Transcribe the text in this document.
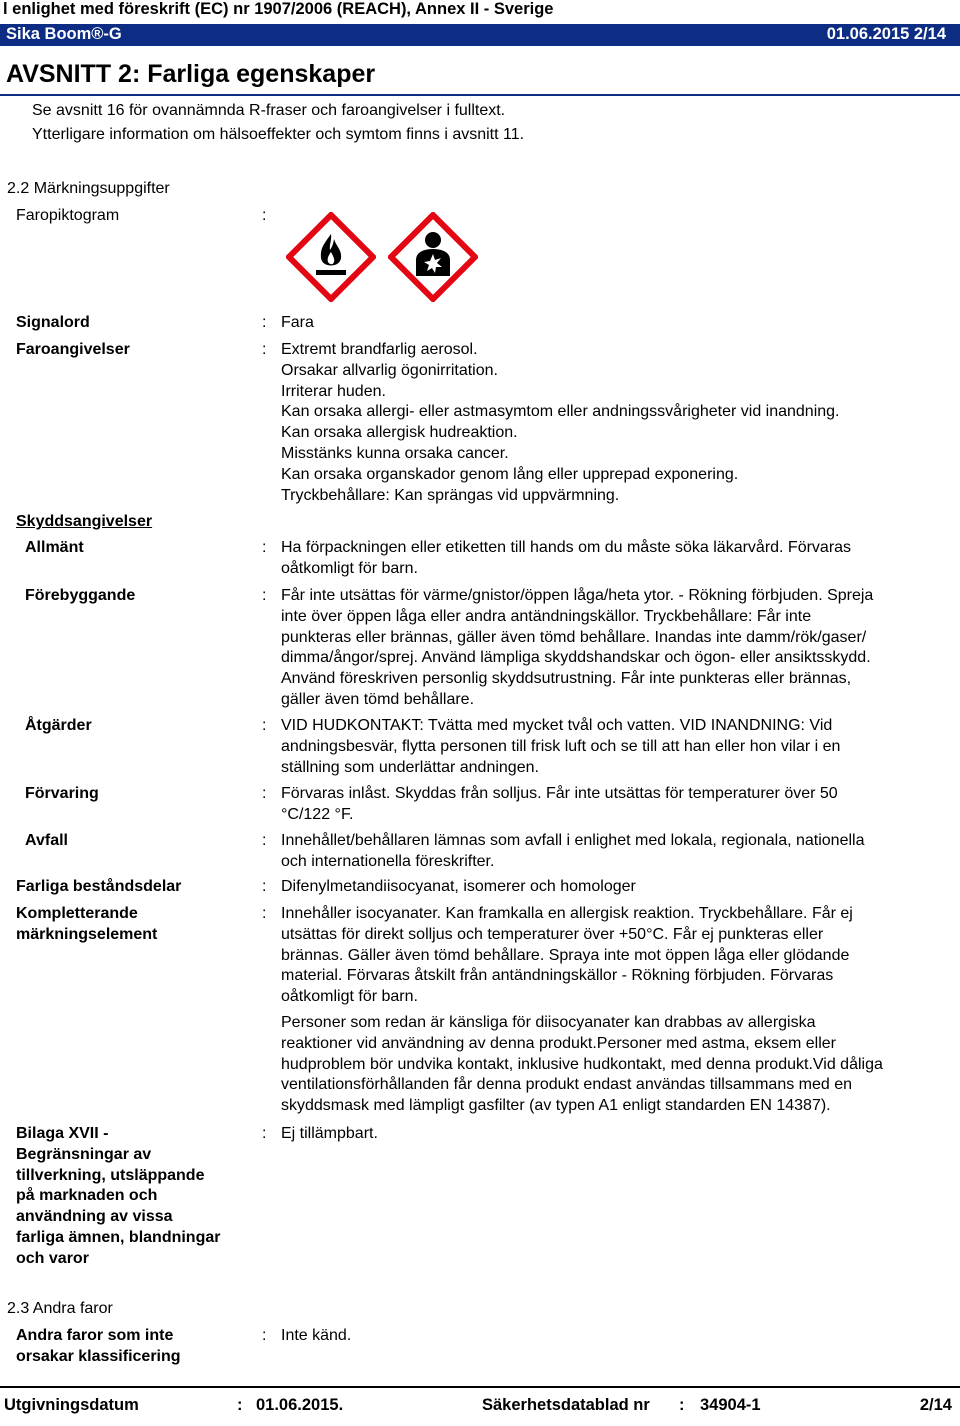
l enlighet med föreskrift (EC) nr 1907/2006 (REACH), Annex II - Sverige
Sika Boom®-G	01.06.2015 2/14
AVSNITT 2: Farliga egenskaper
Se avsnitt 16 för ovannämnda R-fraser och faroangivelser i fulltext.
Ytterligare information om hälsoeffekter och symtom finns i avsnitt 11.
2.2 Märkningsuppgifter
Faropiktogram	:
Signalord	: Fara
Faroangivelser	: Extremt brandfarlig aerosol.
Orsakar allvarlig ögonirritation.
Irriterar huden.
Kan orsaka allergi- eller astmasymtom eller andningssvårigheter vid inandning.
Kan orsaka allergisk hudreaktion.
Misstänks kunna orsaka cancer.
Kan orsaka organskador genom lång eller upprepad exponering.
Tryckbehållare: Kan sprängas vid uppvärmning.
Skyddsangivelser
Allmänt	: Ha förpackningen eller etiketten till hands om du måste söka läkarvård. Förvaras
oåtkomligt för barn.
Förebyggande	: Får inte utsättas för värme/gnistor/öppen låga/heta ytor. - Rökning förbjuden. Spreja
inte över öppen låga eller andra antändningskällor. Tryckbehållare: Får inte
punkteras eller brännas, gäller även tömd behållare. Inandas inte damm/rök/gaser/
dimma/ångor/sprej. Använd lämpliga skyddshandskar och ögon- eller ansiktsskydd.
Använd föreskriven personlig skyddsutrustning. Får inte punkteras eller brännas,
gäller även tömd behållare.
Åtgärder	: VID HUDKONTAKT: Tvätta med mycket tvål och vatten. VID INANDNING: Vid
andningsbesvär, flytta personen till frisk luft och se till att han eller hon vilar i en
ställning som underlättar andningen.
Förvaring	: Förvaras inlåst. Skyddas från solljus. Får inte utsättas för temperaturer över 50
°C/122 °F.
Avfall	: Innehållet/behållaren lämnas som avfall i enlighet med lokala, regionala, nationella
och internationella föreskrifter.
Farliga beståndsdelar	: Difenylmetandiisocyanat, isomerer och homologer
Kompletterande
märkningselement
: Innehåller isocyanater. Kan framkalla en allergisk reaktion. Tryckbehållare. Får ej
utsättas för direkt solljus och temperaturer över +50°C. Får ej punkteras eller
brännas. Gäller även tömd behållare. Spraya inte mot öppen låga eller glödande
material. Förvaras åtskilt från antändningskällor - Rökning förbjuden. Förvaras
oåtkomligt för barn.
Personer som redan är känsliga för diisocyanater kan drabbas av allergiska
reaktioner vid användning av denna produkt.Personer med astma, eksem eller
hudproblem bör undvika kontakt, inklusive hudkontakt, med denna produkt.Vid dåliga
ventilationsförhållanden får denna produkt endast användas tillsammans med en
skyddsmask med lämpligt gasfilter (av typen A1 enligt standarden EN 14387).
Bilaga XVII -
Begränsningar av
tillverkning, utsläppande
på marknaden och
användning av vissa
farliga ämnen, blandningar
och varor
: Ej tillämpbart.
2.3 Andra faror
Andra faror som inte
orsakar klassificering
: Inte känd.
Utgivningsdatum	: 01.06.2015.	Säkerhetsdatablad nr : 34904-1	2/14
